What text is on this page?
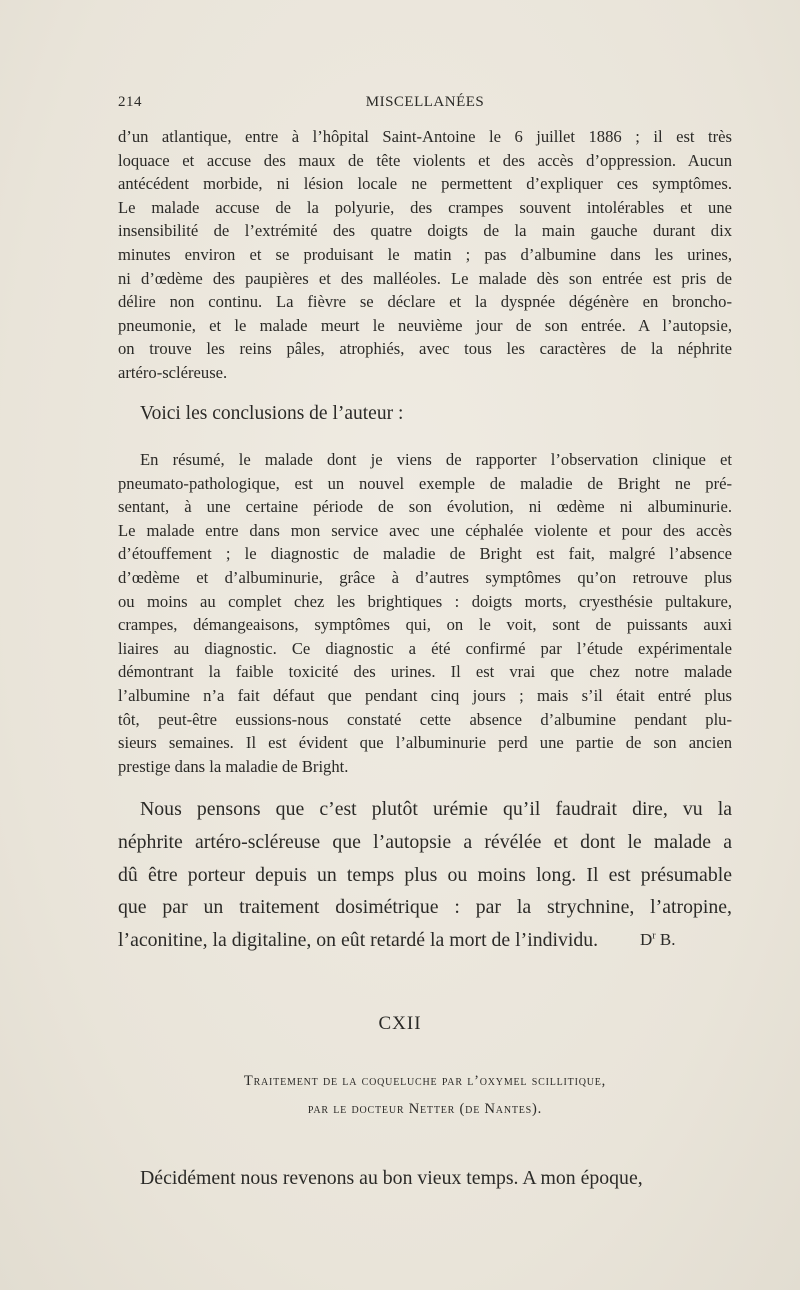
214	MISCELLANÉES
d’un atlantique, entre à l’hôpital Saint-Antoine le 6 juillet 1886 ; il est très
loquace et accuse des maux de tête violents et des accès d’oppression. Aucun
antécédent morbide, ni lésion locale ne permettent d’expliquer ces symptômes.
Le malade accuse de la polyurie, des crampes souvent intolérables et une
insensibilité de l’extrémité des quatre doigts de la main gauche durant dix
minutes environ et se produisant le matin ; pas d’albumine dans les urines,
ni d’œdème des paupières et des malléoles. Le malade dès son entrée est pris de
délire non continu. La fièvre se déclare et la dyspnée dégénère en broncho-
pneumonie, et le malade meurt le neuvième jour de son entrée. A l’autopsie,
on trouve les reins pâles, atrophiés, avec tous les caractères de la néphrite
artéro-scléreuse.
Voici les conclusions de l’auteur :
En résumé, le malade dont je viens de rapporter l’observation clinique et
pneumato-pathologique, est un nouvel exemple de maladie de Bright ne pré-
sentant, à une certaine période de son évolution, ni œdème ni albuminurie.
Le malade entre dans mon service avec une céphalée violente et pour des accès
d’étouffement ; le diagnostic de maladie de Bright est fait, malgré l’absence
d’œdème et d’albuminurie, grâce à d’autres symptômes qu’on retrouve plus
ou moins au complet chez les brightiques : doigts morts, cryesthésie pultakure,
crampes, démangeaisons, symptômes qui, on le voit, sont de puissants auxi
liaires au diagnostic. Ce diagnostic a été confirmé par l’étude expérimentale
démontrant la faible toxicité des urines. Il est vrai que chez notre malade
l’albumine n’a fait défaut que pendant cinq jours ; mais s’il était entré plus
tôt, peut-être eussions-nous constaté cette absence d’albumine pendant plu-
sieurs semaines. Il est évident que l’albuminurie perd une partie de son ancien
prestige dans la maladie de Bright.
Nous pensons que c’est plutôt urémie qu’il faudrait dire, vu la
néphrite artéro-scléreuse que l’autopsie a révélée et dont le malade a
dû être porteur depuis un temps plus ou moins long. Il est présumable
que par un traitement dosimétrique : par la strychnine, l’atropine,
l’aconitine, la digitaline, on eût retardé la mort de l’individu.	$D^r$ B.
CXII
Traitement de la coqueluche par l’oxymel scillitique,
par le docteur Netter (de Nantes).
Décidément nous revenons au bon vieux temps. A mon époque,
